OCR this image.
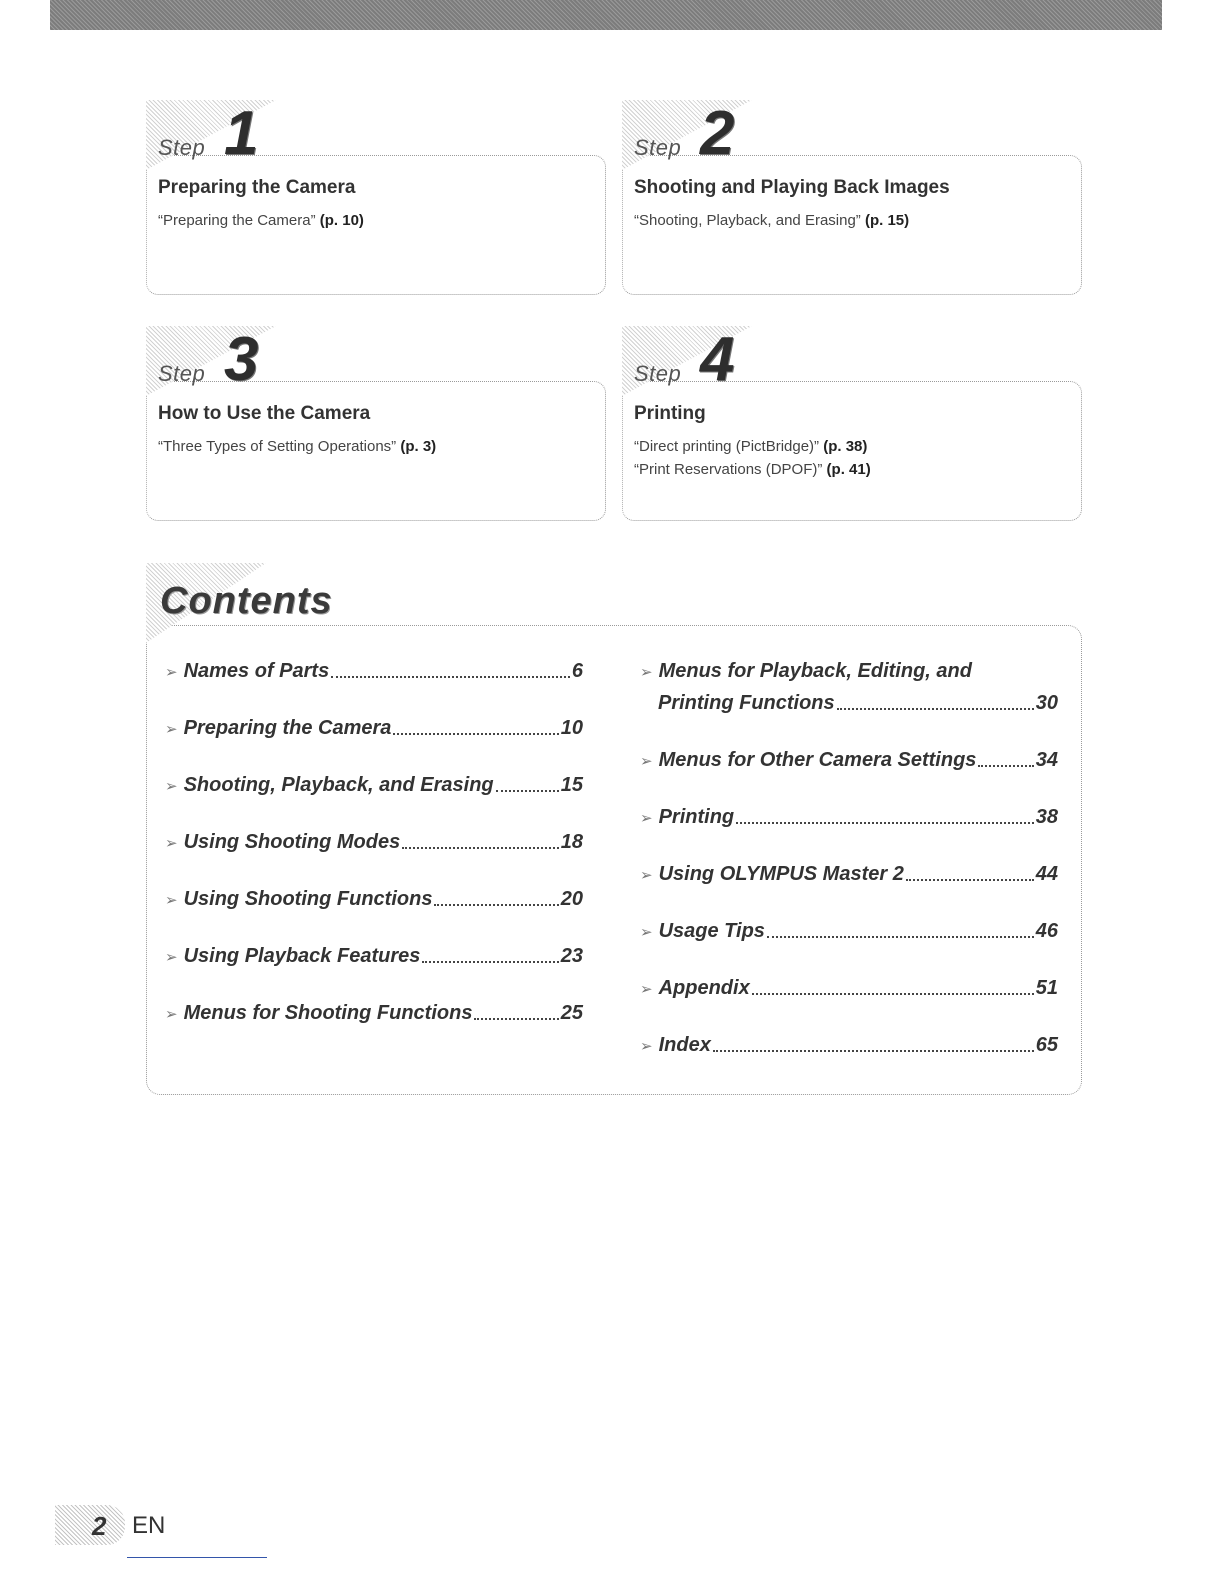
Step 1
Preparing the Camera
“Preparing the Camera” (p. 10)
Step 2
Shooting and Playing Back Images
“Shooting, Playback, and Erasing” (p. 15)
Step 3
How to Use the Camera
“Three Types of Setting Operations” (p. 3)
Step 4
Printing
“Direct printing (PictBridge)” (p. 38)
“Print Reservations (DPOF)” (p. 41)
Contents
➢ Names of Parts	6
➢ Preparing the Camera	10
➢ Shooting, Playback, and Erasing	15
➢ Using Shooting Modes	18
➢ Using Shooting Functions	20
➢ Using Playback Features	23
➢ Menus for Shooting Functions	25
➢ Menus for Playback, Editing, and
Printing Functions	30
➢ Menus for Other Camera Settings	34
➢ Printing	38
➢ Using OLYMPUS Master 2	44
➢ Usage Tips	46
➢ Appendix	51
➢ Index	65
2 EN
